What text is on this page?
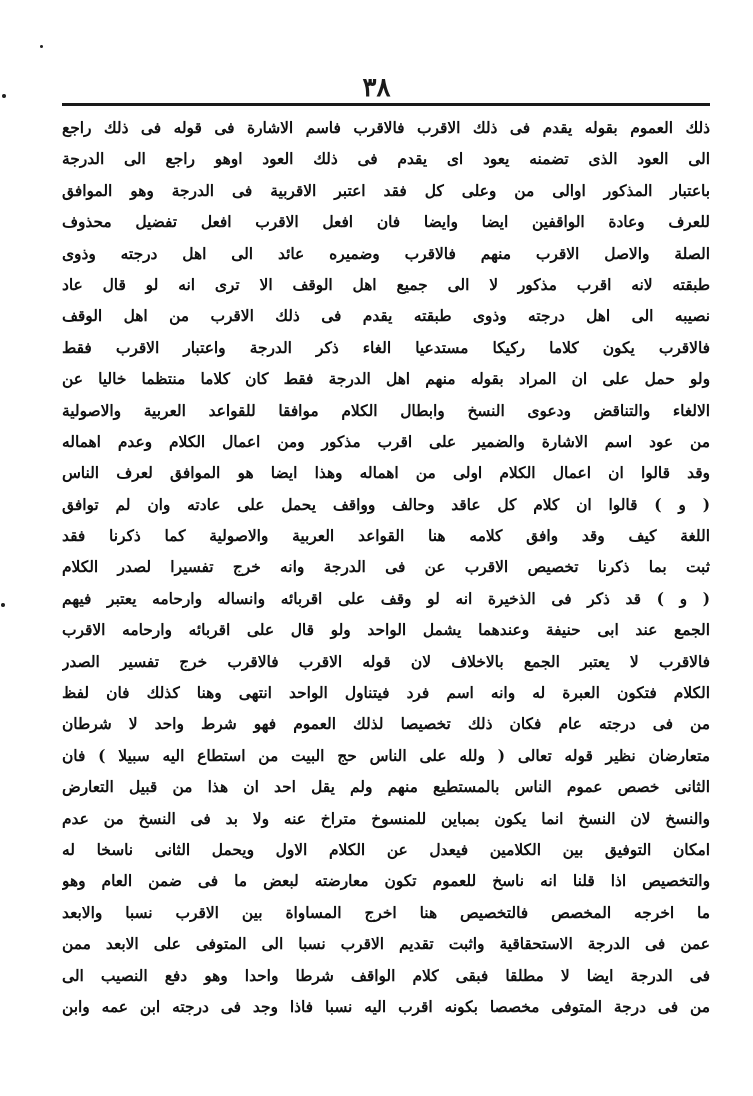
٣٨
ذلك العموم بقوله يقدم فى ذلك الاقرب فالاقرب فاسم الاشارة فى قوله فى ذلك راجع
الى العود الذى تضمنه يعود اى يقدم فى ذلك العود اوهو راجع الى الدرجة
باعتبار المذكور اوالى من وعلى كل فقد اعتبر الاقربية فى الدرجة وهو الموافق
للعرف وعادة الواقفين ايضا وايضا فان افعل الاقرب افعل تفضيل محذوف
الصلة والاصل الاقرب منهم فالاقرب وضميره عائد الى اهل درجته وذوى
طبقته لانه اقرب مذكور لا الى جميع اهل الوقف الا ترى انه لو قال عاد
نصيبه الى اهل درجته وذوى طبقته يقدم فى ذلك الاقرب من اهل الوقف
فالاقرب يكون كلاما ركيكا مستدعيا الغاء ذكر الدرجة واعتبار الاقرب فقط
ولو حمل على ان المراد بقوله منهم اهل الدرجة فقط كان كلاما منتظما خاليا عن
الالغاء والتناقض ودعوى النسخ وابطال الكلام موافقا للقواعد العربية والاصولية
من عود اسم الاشارة والضمير على اقرب مذكور ومن اعمال الكلام وعدم اهماله
وقد قالوا ان اعمال الكلام اولى من اهماله وهذا ايضا هو الموافق لعرف الناس
( و ) قالوا ان كلام كل عاقد وحالف وواقف يحمل على عادته وان لم توافق
اللغة كيف وقد وافق كلامه هنا القواعد العربية والاصولية كما ذكرنا فقد
ثبت بما ذكرنا تخصيص الاقرب عن فى الدرجة وانه خرج تفسيرا لصدر الكلام
( و ) قد ذكر فى الذخيرة انه لو وقف على اقربائه وانساله وارحامه يعتبر فيهم
الجمع عند ابى حنيفة وعندهما يشمل الواحد ولو قال على اقربائه وارحامه الاقرب
فالاقرب لا يعتبر الجمع بالاخلاف لان قوله الاقرب فالاقرب خرج تفسير الصدر
الكلام فتكون العبرة له وانه اسم فرد فيتناول الواحد انتهى وهنا كذلك فان لفظ
من فى درجته عام فكان ذلك تخصيصا لذلك العموم فهو شرط واحد لا شرطان
متعارضان نظير قوله تعالى ( ولله على الناس حج البيت من استطاع اليه سبيلا ) فان
الثانى خصص عموم الناس بالمستطيع منهم ولم يقل احد ان هذا من قبيل التعارض
والنسخ لان النسخ انما يكون بمباين للمنسوخ متراخ عنه ولا بد فى النسخ من عدم
امكان التوفيق بين الكلامين فيعدل عن الكلام الاول ويحمل الثانى ناسخا له
والتخصيص اذا قلنا انه ناسخ للعموم تكون معارضته لبعض ما فى ضمن العام وهو
ما اخرجه المخصص فالتخصيص هنا اخرج المساواة بين الاقرب نسبا والابعد
عمن فى الدرجة الاستحقاقية واثبت تقديم الاقرب نسبا الى المتوفى على الابعد ممن
فى الدرجة ايضا لا مطلقا فبقى كلام الواقف شرطا واحدا وهو دفع النصيب الى
من فى درجة المتوفى مخصصا بكونه اقرب اليه نسبا فاذا وجد فى درجته ابن عمه وابن
